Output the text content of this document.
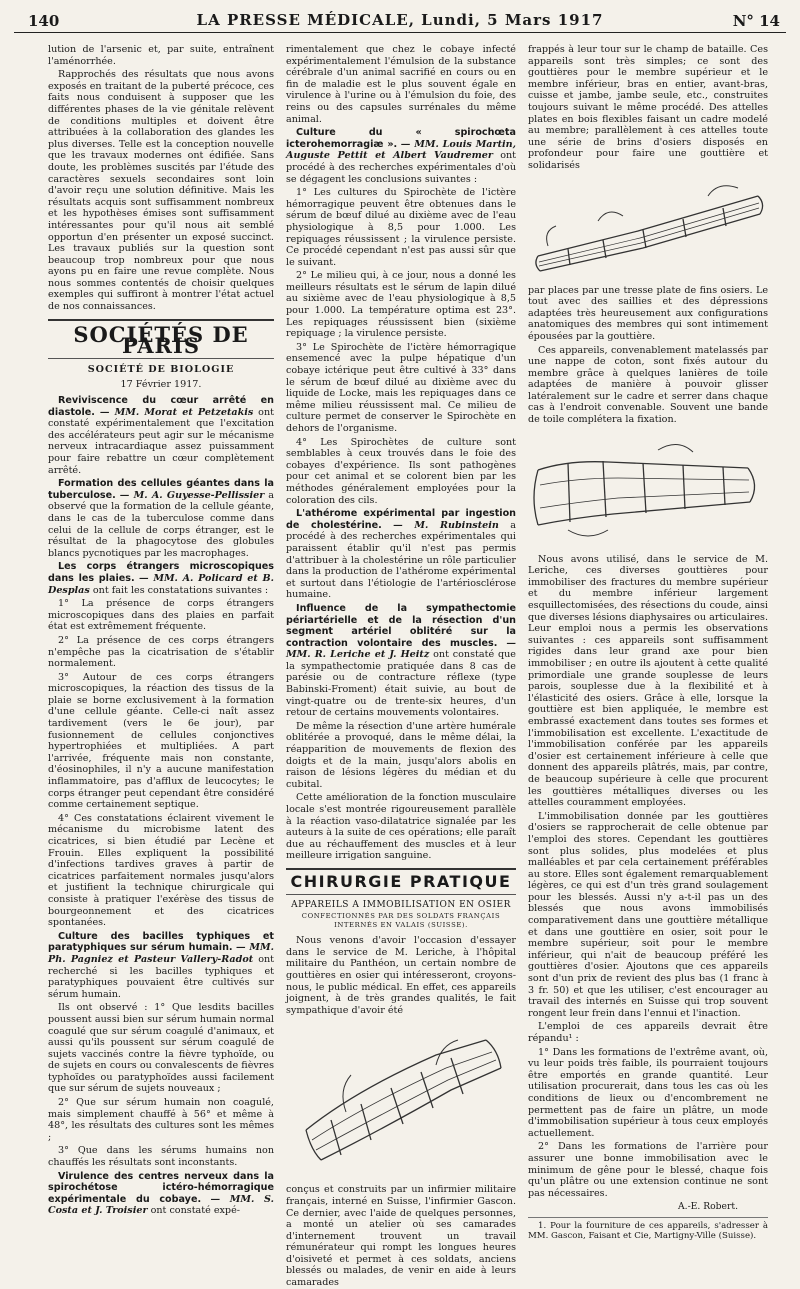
140	LA PRESSE MÉDICALE, Lundi, 5 Mars 1917	N° 14

lution de l'arsenic et, par suite, entraînent l'aménorrhée.

Rapprochés des résultats que nous avons exposés en traitant de la puberté précoce, ces faits nous conduisent à supposer que les différentes phases de la vie génitale relèvent de conditions multiples et doivent être attribuées à la collaboration des glandes les plus diverses. Telle est la conception nouvelle que les travaux modernes ont édifiée. Sans doute, les problèmes suscités par l'étude des caractères sexuels secondaires sont loin d'avoir reçu une solution définitive. Mais les résultats acquis sont suffisamment nombreux et les hypothèses émises sont suffisamment intéressantes pour qu'il nous ait semblé opportun d'en présenter un exposé succinct. Les travaux publiés sur la question sont beaucoup trop nombreux pour que nous ayons pu en faire une revue complète. Nous nous sommes contentés de choisir quelques exemples qui suffiront à montrer l'état actuel de nos connaissances.

SOCIÉTÉS DE PARIS
SOCIÉTÉ DE BIOLOGIE
17 Février 1917.

Reviviscence du cœur arrêté en diastole. — MM. Morat et Petzetakis ont constaté expérimentalement que l'excitation des accélérateurs peut agir sur le mécanisme nerveux intracardiaque assez puissamment pour faire rebattre un cœur complètement arrêté.

Formation des cellules géantes dans la tuberculose. — M. A. Guyesse-Pellissier a observé que la formation de la cellule géante, dans le cas de la tuberculose comme dans celui de la cellule de corps étranger, est le résultat de la phagocytose des globules blancs pycnotiques par les macrophages.

Les corps étrangers microscopiques dans les plaies. — MM. A. Policard et B. Desplas ont fait les constatations suivantes :

1° La présence de corps étrangers microscopiques dans des plaies en parfait état est extrêmement fréquente.

2° La présence de ces corps étrangers n'empêche pas la cicatrisation de s'établir normalement.

3° Autour de ces corps étrangers microscopiques, la réaction des tissus de la plaie se borne exclusivement à la formation d'une cellule géante. Celle-ci naît assez tardivement (vers le 6e jour), par fusionnement de cellules conjonctives hypertrophiées et multipliées. A part l'arrivée, fréquente mais non constante, d'éosinophiles, il n'y a aucune manifestation inflammatoire, pas d'afflux de leucocytes; le corps étranger peut cependant être considéré comme certainement septique.

4° Ces constatations éclairent vivement le mécanisme du microbisme latent des cicatrices, si bien étudié par Lecène et Frouin. Elles expliquent la possibilité d'infections tardives graves à partir de cicatrices parfaitement normales jusqu'alors et justifient la technique chirurgicale qui consiste à pratiquer l'exérèse des tissus de bourgeonnement et des cicatrices spontanées.

Culture des bacilles typhiques et paratyphiques sur sérum humain. — MM. Ph. Pagniez et Pasteur Vallery-Radot ont recherché si les bacilles typhiques et paratyphiques pouvaient être cultivés sur sérum humain.

Ils ont observé : 1° Que lesdits bacilles poussent aussi bien sur sérum humain normal coagulé que sur sérum coagulé d'animaux, et aussi qu'ils poussent sur sérum coagulé de sujets vaccinés contre la fièvre typhoïde, ou de sujets en cours ou convalescents de fièvres typhoïdes ou paratyphoïdes aussi facilement que sur sérum de sujets nouveaux ;

2° Que sur sérum humain non coagulé, mais simplement chauffé à 56° et même à 48°, les résultats des cultures sont les mêmes ;

3° Que dans les sérums humains non chauffés les résultats sont inconstants.

Virulence des centres nerveux dans la spirochétose ictéro-hémorragique expérimentale du cobaye. — MM. S. Costa et J. Troisier ont constaté expé-

rimentalement que chez le cobaye infecté expérimentalement l'émulsion de la substance cérébrale d'un animal sacrifié en cours ou en fin de maladie est le plus souvent égale en virulence à l'urine ou à l'émulsion du foie, des reins ou des capsules surrénales du même animal.

Culture du « spirochœta icterohemorragiæ ». — MM. Louis Martin, Auguste Pettit et Albert Vaudremer ont procédé à des recherches expérimentales d'où se dégagent les conclusions suivantes :

1° Les cultures du Spirochète de l'ictère hémorragique peuvent être obtenues dans le sérum de bœuf dilué au dixième avec de l'eau physiologique à 8,5 pour 1.000. Les repiquages réussissent ; la virulence persiste. Ce procédé cependant n'est pas aussi sûr que le suivant.

2° Le milieu qui, à ce jour, nous a donné les meilleurs résultats est le sérum de lapin dilué au sixième avec de l'eau physiologique à 8,5 pour 1.000. La température optima est 23°. Les repiquages réussissent bien (sixième repiquage ; la virulence persiste.

3° Le Spirochète de l'ictère hémorragique ensemencé avec la pulpe hépatique d'un cobaye ictérique peut être cultivé à 33° dans le sérum de bœuf dilué au dixième avec du liquide de Locke, mais les repiquages dans ce même milieu réussissent mal. Ce milieu de culture permet de conserver le Spirochète en dehors de l'organisme.

4° Les Spirochètes de culture sont semblables à ceux trouvés dans le foie des cobayes d'expérience. Ils sont pathogènes pour cet animal et se colorent bien par les méthodes généralement employées pour la coloration des cils.

L'athérome expérimental par ingestion de cholestérine. — M. Rubinstein a procédé à des recherches expérimentales qui paraissent établir qu'il n'est pas permis d'attribuer à la cholestérine un rôle particulier dans la production de l'athérome expérimental et surtout dans l'étiologie de l'artériosclérose humaine.

Influence de la sympathectomie périartérielle et de la résection d'un segment artériel oblitéré sur la contraction volontaire des muscles. — MM. R. Leriche et J. Heitz ont constaté que la sympathectomie pratiquée dans 8 cas de parésie ou de contracture réflexe (type Babinski-Froment) était suivie, au bout de vingt-quatre ou de trente-six heures, d'un retour de certains mouvements volontaires.

De même la résection d'une artère humérale oblitérée a provoqué, dans le même délai, la réapparition de mouvements de flexion des doigts et de la main, jusqu'alors abolis en raison de lésions légères du médian et du cubital.

Cette amélioration de la fonction musculaire locale s'est montrée rigoureusement parallèle à la réaction vaso-dilatatrice signalée par les auteurs à la suite de ces opérations; elle paraît due au réchauffement des muscles et à leur meilleure irrigation sanguine.

CHIRURGIE PRATIQUE
APPAREILS A IMMOBILISATION EN OSIER
CONFECTIONNÉS PAR DES SOLDATS FRANÇAIS INTERNÉS EN VALAIS (SUISSE).

Nous venons d'avoir l'occasion d'essayer dans le service de M. Leriche, à l'hôpital militaire du Panthéon, un certain nombre de gouttières en osier qui intéresseront, croyons-nous, le public médical. En effet, ces appareils joignent, à de très grandes qualités, le fait sympathique d'avoir été

conçus et construits par un infirmier militaire français, interné en Suisse, l'infirmier Gascon. Ce dernier, avec l'aide de quelques personnes, a monté un atelier où ses camarades d'internement trouvent un travail rémunérateur qui rompt les longues heures d'oisiveté et permet à ces soldats, anciens blessés ou malades, de venir en aide à leurs camarades

frappés à leur tour sur le champ de bataille. Ces appareils sont très simples; ce sont des gouttières pour le membre supérieur et le membre inférieur, bras en entier, avant-bras, cuisse et jambe, jambe seule, etc., construites toujours suivant le même procédé. Des attelles plates en bois flexibles faisant un cadre modelé au membre; parallèlement à ces attelles toute une série de brins d'osiers disposés en profondeur pour faire une gouttière et solidarisés

par places par une tresse plate de fins osiers. Le tout avec des saillies et des dépressions adaptées très heureusement aux configurations anatomiques des membres qui sont intimement épousées par la gouttière.

Ces appareils, convenablement matelassés par une nappe de coton, sont fixés autour du membre grâce à quelques lanières de toile adaptées de manière à pouvoir glisser latéralement sur le cadre et serrer dans chaque cas à l'endroit convenable. Souvent une bande de toile complétera la fixation.

Nous avons utilisé, dans le service de M. Leriche, ces diverses gouttières pour immobiliser des fractures du membre supérieur et du membre inférieur largement esquillectomisées, des résections du coude, ainsi que diverses lésions diaphysaires ou articulaires. Leur emploi nous a permis les observations suivantes : ces appareils sont suffisamment rigides dans leur grand axe pour bien immobiliser ; en outre ils ajoutent à cette qualité primordiale une grande souplesse de leurs parois, souplesse due à la flexibilité et à l'élasticité des osiers. Grâce à elle, lorsque la gouttière est bien appliquée, le membre est embrassé exactement dans toutes ses formes et l'immobilisation est excellente. L'exactitude de l'immobilisation conférée par les appareils d'osier est certainement inférieure à celle que donnent des appareils plâtrés, mais, par contre, de beaucoup supérieure à celle que procurent les gouttières métalliques diverses ou les attelles couramment employées.

L'immobilisation donnée par les gouttières d'osiers se rapprocherait de celle obtenue par l'emploi des stores. Cependant les gouttières sont plus solides, plus modelées et plus malléables et par cela certainement préférables au store. Elles sont également remarquablement légères, ce qui est d'un très grand soulagement pour les blessés. Aussi n'y a-t-il pas un des blessés que nous avons immobilisés comparativement dans une gouttière métallique et dans une gouttière en osier, soit pour le membre supérieur, soit pour le membre inférieur, qui n'ait de beaucoup préféré les gouttières d'osier. Ajoutons que ces appareils sont d'un prix de revient des plus bas (1 franc à 3 fr. 50) et que les utiliser, c'est encourager au travail des internés en Suisse qui trop souvent rongent leur frein dans l'ennui et l'inaction.

L'emploi de ces appareils devrait être répandu¹ :

1° Dans les formations de l'extrême avant, où, vu leur poids très faible, ils pourraient toujours être emportés en grande quantité. Leur utilisation procurerait, dans tous les cas où les conditions de lieux ou d'encombrement ne permettent pas de faire un plâtre, un mode d'immobilisation supérieur à tous ceux employés actuellement.

2° Dans les formations de l'arrière pour assurer une bonne immobilisation avec le minimum de gêne pour le blessé, chaque fois qu'un plâtre ou une extension continue ne sont pas nécessaires.

A.-E. Robert.
1. Pour la fourniture de ces appareils, s'adresser à MM. Gascon, Faisant et Cie, Martigny-Ville (Suisse).
